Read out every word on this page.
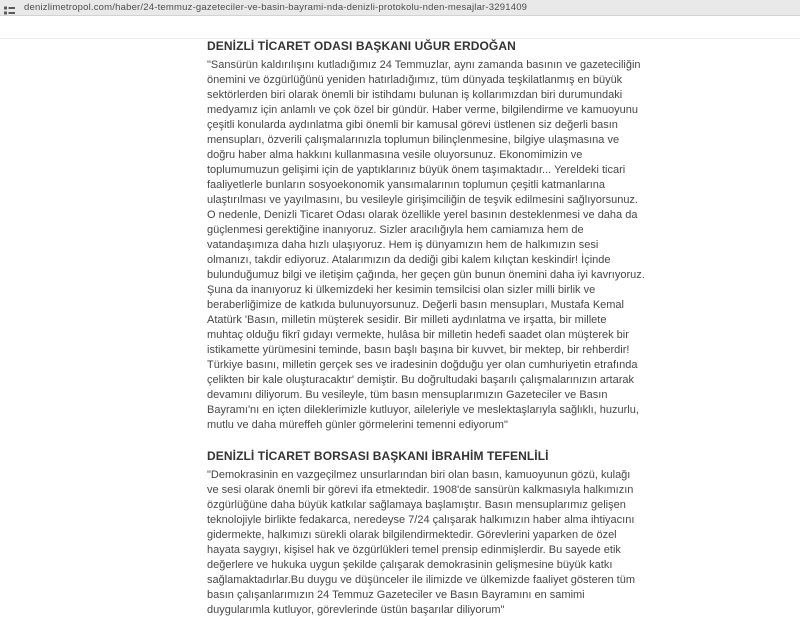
denizlimetropol.com/haber/24-temmuz-gazeteciler-ve-basin-bayrami-nda-denizli-protokolu-nden-mesajlar-3291409
DENİZLİ TİCARET ODASI BAŞKANI UĞUR ERDOĞAN

"Sansürün kaldırılışını kutladığımız 24 Temmuzlar, aynı zamanda basının ve gazeteciliğin önemini ve özgürlüğünü yeniden hatırladığımız, tüm dünyada teşkilatlanmış en büyük sektörlerden biri olarak önemli bir istihdamı bulunan iş kollarımızdan biri durumundaki medyamız için anlamlı ve çok özel bir gündür. Haber verme, bilgilendirme ve kamuoyunu çeşitli konularda aydınlatma gibi önemli bir kamusal görevi üstlenen siz değerli basın mensupları, özverili çalışmalarınızla toplumun bilinçlenmesine, bilgiye ulaşmasına ve doğru haber alma hakkını kullanmasına vesile oluyorsunuz. Ekonomimizin ve toplumumuzun gelişimi için de yaptıklarınız büyük önem taşımaktadır... Yereldeki ticari faaliyetlerle bunların sosyoekonomik yansımalarının toplumun çeşitli katmanlarına ulaştırılması ve yayılmasını, bu vesileyle girişimciliğin de teşvik edilmesini sağlıyorsunuz. O nedenle, Denizli Ticaret Odası olarak özellikle yerel basının desteklenmesi ve daha da güçlenmesi gerektiğine inanıyoruz. Sizler aracılığıyla hem camiamıza hem de vatandaşımıza daha hızlı ulaşıyoruz. Hem iş dünyamızın hem de halkımızın sesi olmanızı, takdir ediyoruz. Atalarımızın da dediği gibi kalem kılıçtan keskindir! İçinde bulunduğumuz bilgi ve iletişim çağında, her geçen gün bunun önemini daha iyi kavrıyoruz. Şuna da inanıyoruz ki ülkemizdeki her kesimin temsilcisi olan sizler milli birlik ve beraberliğimize de katkıda bulunuyorsunuz. Değerli basın mensupları, Mustafa Kemal Atatürk 'Basın, milletin müşterek sesidir. Bir milleti aydınlatma ve irşatta, bir millete muhtaç olduğu fikrî gıdayı vermekte, hulâsa bir milletin hedefi saadet olan müşterek bir istikamette yürümesini teminde, basın başlı başına bir kuvvet, bir mektep, bir rehberdir! Türkiye basını, milletin gerçek ses ve iradesinin doğduğu yer olan cumhuriyetin etrafında çelikten bir kale oluşturacaktır' demiştir. Bu doğrultudaki başarılı çalışmalarınızın artarak devamını diliyorum. Bu vesileyle, tüm basın mensuplarımızın Gazeteciler ve Basın Bayramı'nı en içten dileklerimizle kutluyor, aileleriyle ve meslektaşlarıyla sağlıklı, huzurlu, mutlu ve daha müreffeh günler görmelerini temenni ediyorum"

DENİZLİ TİCARET BORSASI BAŞKANI İBRAHİM TEFENLİLİ

"Demokrasinin en vazgeçilmez unsurlarından biri olan basın, kamuoyunun gözü, kulağı ve sesi olarak önemli bir görevi ifa etmektedir. 1908'de sansürün kalkmasıyla halkımızın özgürlüğüne daha büyük katkılar sağlamaya başlamıştır. Basın mensuplarımız gelişen teknolojiyle birlikte fedakarca, neredeyse 7/24 çalışarak halkımızın haber alma ihtiyacını gidermekte, halkımızı sürekli olarak bilgilendirmektedir. Görevlerini yaparken de özel hayata saygıyı, kişisel hak ve özgürlükleri temel prensip edinmişlerdir. Bu sayede etik değerlere ve hukuka uygun şekilde çalışarak demokrasinin gelişmesine büyük katkı sağlamaktadırlar.Bu duygu ve düşünceler ile ilimizde ve ülkemizde faaliyet gösteren tüm basın çalışanlarımızın 24 Temmuz Gazeteciler ve Basın Bayramını en samimi duygularımla kutluyor, görevlerinde üstün başarılar diliyorum"
